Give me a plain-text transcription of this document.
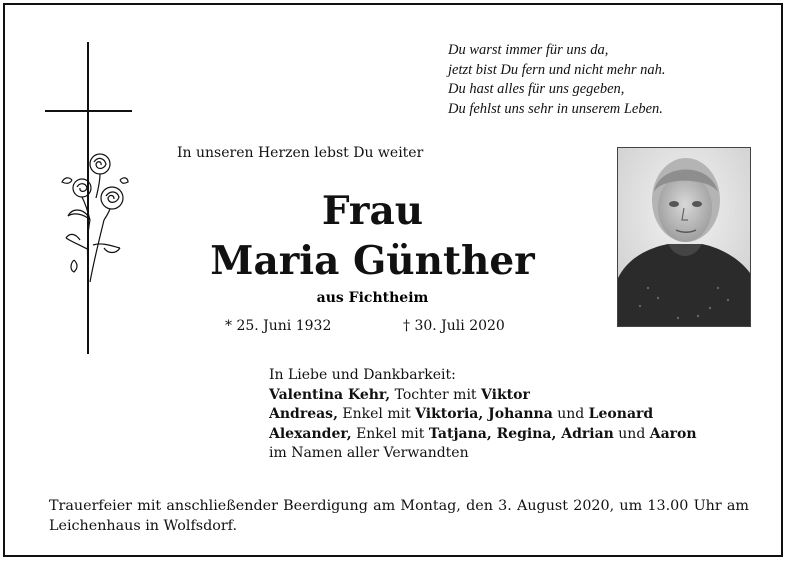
Du warst immer für uns da,
jetzt bist Du fern und nicht mehr nah.
Du hast alles für uns gegeben,
Du fehlst uns sehr in unserem Leben.
In unseren Herzen lebst Du weiter
Frau
Maria Günther
aus Fichtheim
* 25. Juni 1932	† 30. Juli 2020
In Liebe und Dankbarkeit:
Valentina Kehr, Tochter mit Viktor
Andreas, Enkel mit Viktoria, Johanna und Leonard
Alexander, Enkel mit Tatjana, Regina, Adrian und Aaron
im Namen aller Verwandten
Trauerfeier mit anschließender Beerdigung am Montag, den 3. August 2020, um 13.00 Uhr am Leichenhaus in Wolfsdorf.
